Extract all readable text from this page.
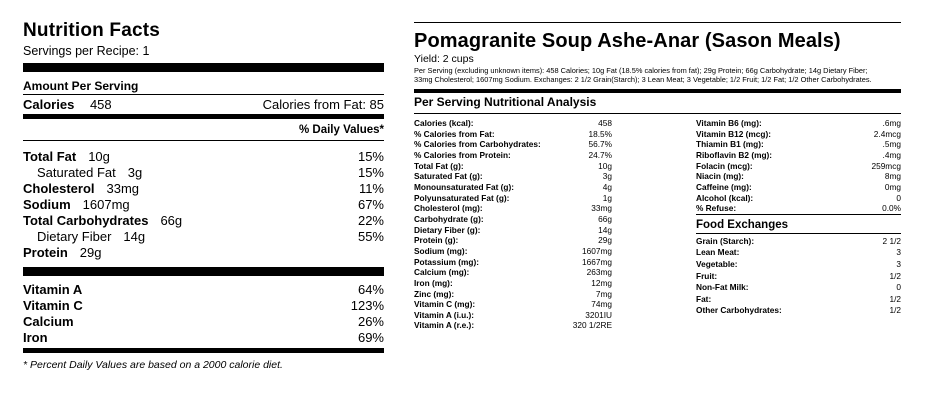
Nutrition Facts
Servings per Recipe: 1
Amount Per Serving
Calories 458	Calories from Fat: 85
% Daily Values*
Total Fat 10g	15%
Saturated Fat 3g	15%
Cholesterol 33mg	11%
Sodium 1607mg	67%
Total Carbohydrates 66g	22%
Dietary Fiber 14g	55%
Protein 29g
Vitamin A	64%
Vitamin C	123%
Calcium	26%
Iron	69%
* Percent Daily Values are based on a 2000 calorie diet.
Pomagranite Soup Ashe-Anar (Sason Meals)
Yield: 2 cups
Per Serving (excluding unknown items): 458 Calories; 10g Fat (18.5% calories from fat); 29g Protein; 66g Carbohydrate; 14g Dietary Fiber;
33mg Cholesterol; 1607mg Sodium. Exchanges: 2 1/2 Grain(Starch); 3 Lean Meat; 3 Vegetable; 1/2 Fruit; 1/2 Fat; 1/2 Other Carbohydrates.
Per Serving Nutritional Analysis
Calories (kcal):	458
% Calories from Fat:	18.5%
% Calories from Carbohydrates:	56.7%
% Calories from Protein:	24.7%
Total Fat (g):	10g
Saturated Fat (g):	3g
Monounsaturated Fat (g):	4g
Polyunsaturated Fat (g):	1g
Cholesterol (mg):	33mg
Carbohydrate (g):	66g
Dietary Fiber (g):	14g
Protein (g):	29g
Sodium (mg):	1607mg
Potassium (mg):	1667mg
Calcium (mg):	263mg
Iron (mg):	12mg
Zinc (mg):	7mg
Vitamin C (mg):	74mg
Vitamin A (i.u.):	3201IU
Vitamin A (r.e.):	320 1/2RE
Vitamin B6 (mg):	.6mg
Vitamin B12 (mcg):	2.4mcg
Thiamin B1 (mg):	.5mg
Riboflavin B2 (mg):	.4mg
Folacin (mcg):	259mcg
Niacin (mg):	8mg
Caffeine (mg):	0mg
Alcohol (kcal):	0
% Refuse:	0.0%
Food Exchanges
Grain (Starch):	2 1/2
Lean Meat:	3
Vegetable:	3
Fruit:	1/2
Non-Fat Milk:	0
Fat:	1/2
Other Carbohydrates:	1/2
